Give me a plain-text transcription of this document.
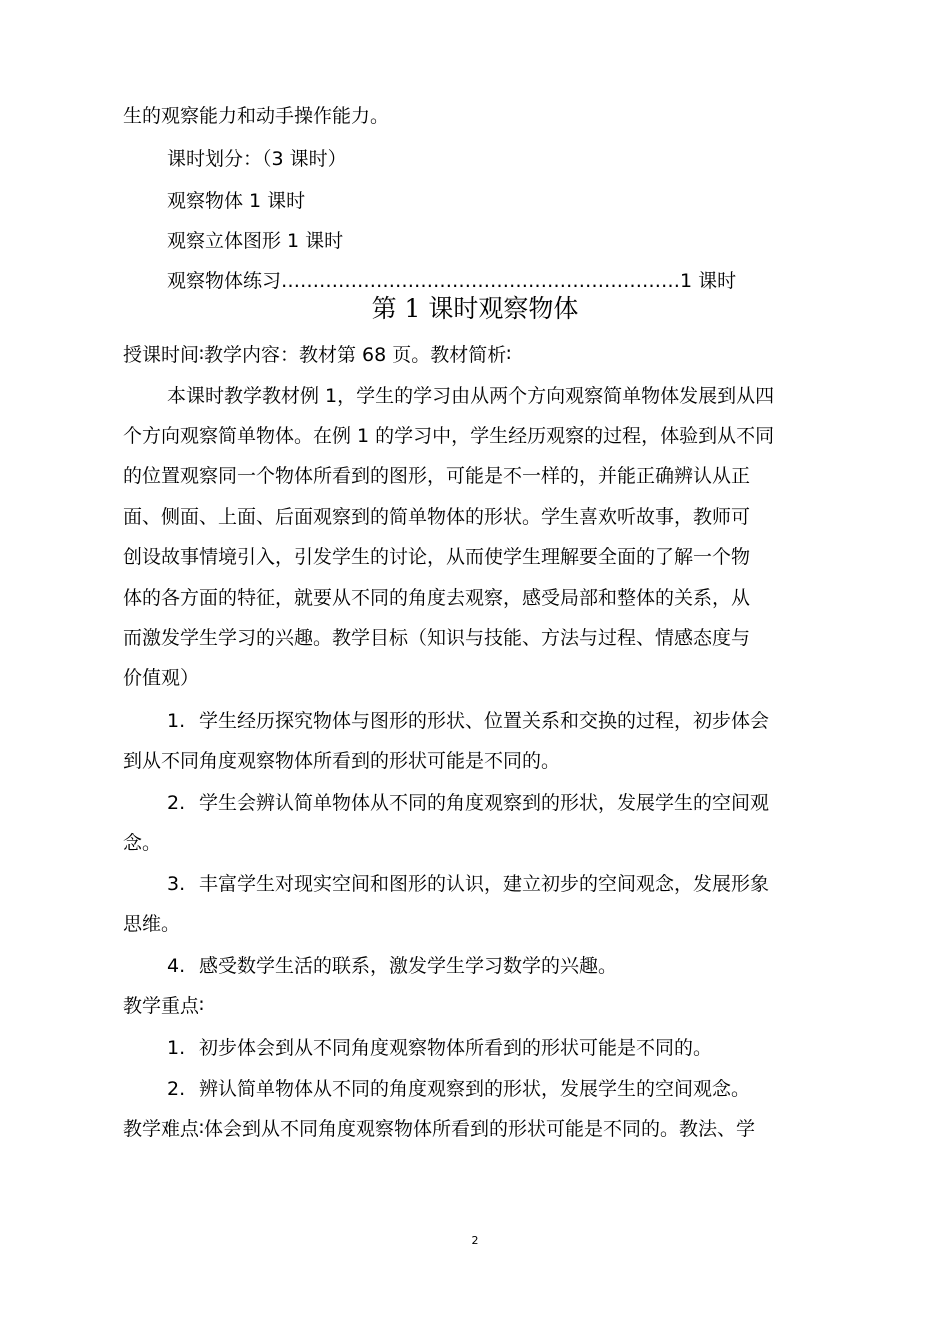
生的观察能力和动手操作能力。
课时划分：（3 课时）
观察物体 1 课时
观察立体图形 1 课时
观察物体练习………………………………………………………1 课时
第 1 课时观察物体
授课时间∶教学内容：教材第 68 页。教材简析∶
本课时教学教材例 1，学生的学习由从两个方向观察简单物体发展到从四
个方向观察简单物体。在例 1 的学习中，学生经历观察的过程，体验到从不同
的位置观察同一个物体所看到的图形，可能是不一样的，并能正确辨认从正
面、侧面、上面、后面观察到的简单物体的形状。学生喜欢听故事，教师可
创设故事情境引入，引发学生的讨论，从而使学生理解要全面的了解一个物
体的各方面的特征，就要从不同的角度去观察，感受局部和整体的关系，从
而激发学生学习的兴趣。教学目标（知识与技能、方法与过程、情感态度与
价值观）
1. 学生经历探究物体与图形的形状、位置关系和交换的过程，初步体会
到从不同角度观察物体所看到的形状可能是不同的。
2. 学生会辨认简单物体从不同的角度观察到的形状，发展学生的空间观
念。
3. 丰富学生对现实空间和图形的认识，建立初步的空间观念，发展形象
思维。
4. 感受数学生活的联系，激发学生学习数学的兴趣。
教学重点∶
1. 初步体会到从不同角度观察物体所看到的形状可能是不同的。
2. 辨认简单物体从不同的角度观察到的形状，发展学生的空间观念。
教学难点∶体会到从不同角度观察物体所看到的形状可能是不同的。教法、学
2
